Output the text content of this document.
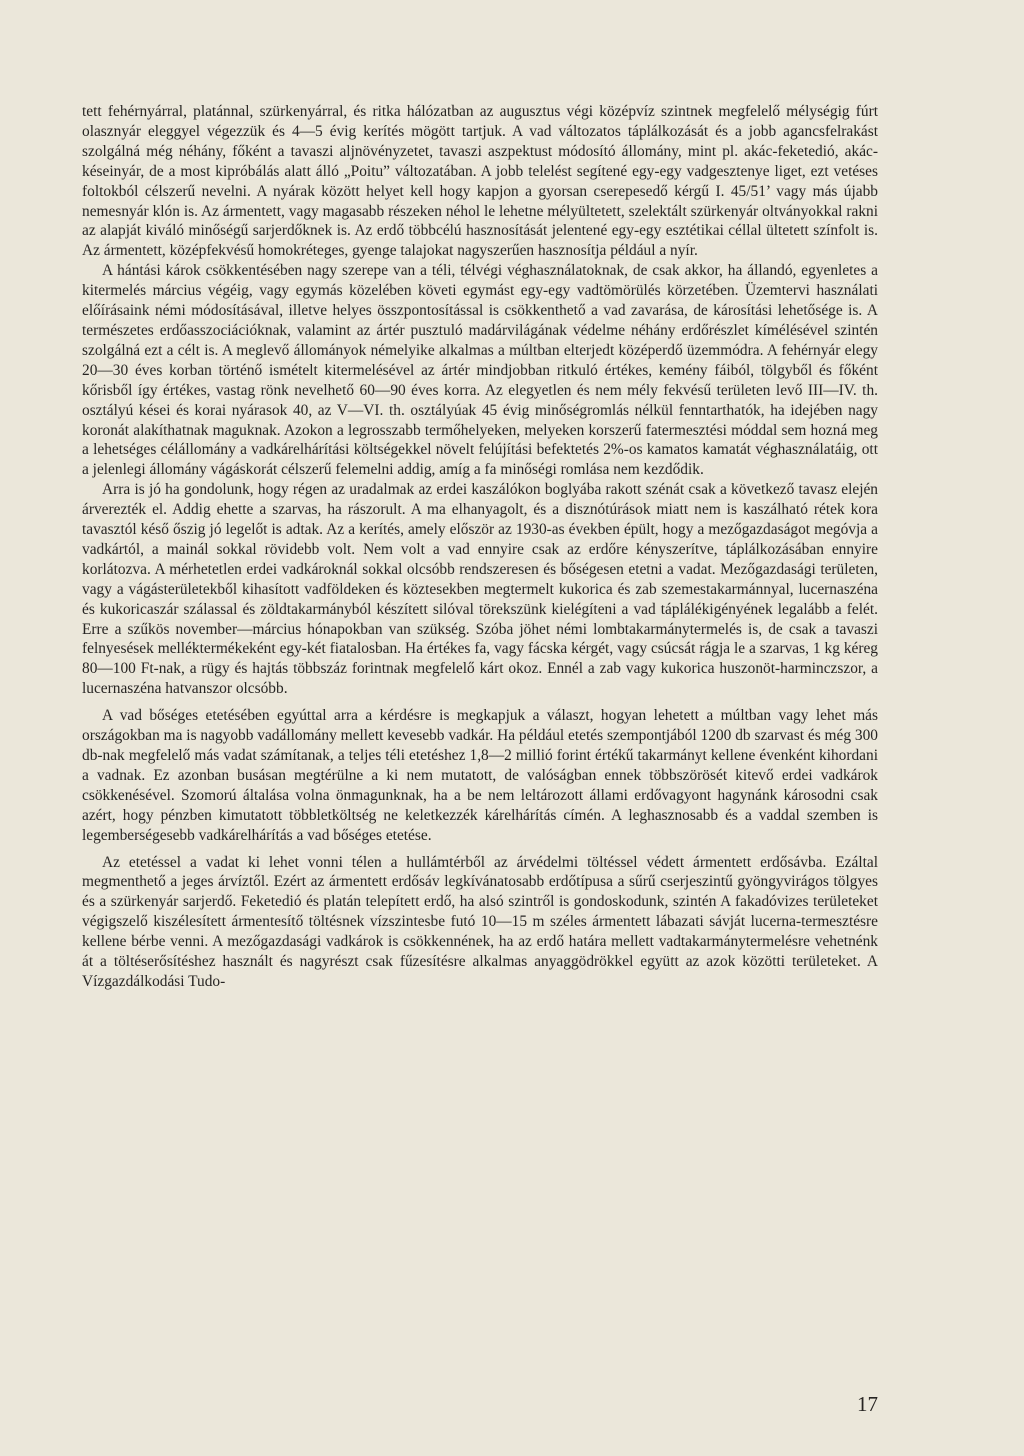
tett fehérnyárral, platánnal, szürkenyárral, és ritka hálózatban az augusztus végi középvíz szintnek megfelelő mélységig fúrt olasznyár eleggyel végezzük és 4—5 évig kerítés mögött tartjuk. A vad változatos táplálkozását és a jobb agancsfelrakást szolgálná még néhány, főként a tavaszi aljnövényzetet, tavaszi aszpektust módosító állomány, mint pl. akác-feketedió, akác-késeinyár, de a most kipróbálás alatt álló „Poitu” változatában. A jobb telelést segítené egy-egy vadgesztenye liget, ezt vetéses foltokból célszerű nevelni. A nyárak között helyet kell hogy kapjon a gyorsan cserepesedő kérgű I. 45/51’ vagy más újabb nemesnyár klón is. Az ármentett, vagy magasabb részeken néhol le lehetne mélyültetett, szelektált szürkenyár oltványokkal rakni az alapját kiváló minőségű sarjerdőknek is. Az erdő többcélú hasznosítását jelentené egy-egy esztétikai céllal ültetett színfolt is. Az ármentett, középfekvésű homokréteges, gyenge talajokat nagyszerűen hasznosítja például a nyír.

A hántási károk csökkentésében nagy szerepe van a téli, télvégi véghasználatoknak, de csak akkor, ha állandó, egyenletes a kitermelés március végéig, vagy egymás közelében követi egymást egy-egy vadtömörülés körzetében. Üzemtervi használati előírásaink némi módosításával, illetve helyes összpontosítással is csökkenthető a vad zavarása, de károsítási lehetősége is. A természetes erdőasszociációknak, valamint az ártér pusztuló madárvilágának védelme néhány erdőrészlet kímélésével szintén szolgálná ezt a célt is. A meglevő állományok némelyike alkalmas a múltban elterjedt középerdő üzemmódra. A fehérnyár elegy 20—30 éves korban történő ismételt kitermelésével az ártér mindjobban ritkuló értékes, kemény fáiból, tölgyből és főként kőrisből így értékes, vastag rönk nevelhető 60—90 éves korra. Az elegyetlen és nem mély fekvésű területen levő III—IV. th. osztályú kései és korai nyárasok 40, az V—VI. th. osztályúak 45 évig minőségromlás nélkül fenntarthatók, ha idejében nagy koronát alakíthatnak maguknak. Azokon a legrosszabb termőhelyeken, melyeken korszerű fatermesztési móddal sem hozná meg a lehetséges célállomány a vadkárelhárítási költségekkel növelt felújítási befektetés 2%-os kamatos kamatát véghasználatáig, ott a jelenlegi állomány vágáskorát célszerű felemelni addig, amíg a fa minőségi romlása nem kezdődik.

Arra is jó ha gondolunk, hogy régen az uradalmak az erdei kaszálókon boglyába rakott szénát csak a következő tavasz elején árverezték el. Addig ehette a szarvas, ha rászorult. A ma elhanyagolt, és a disznótúrások miatt nem is kaszálható rétek kora tavasztól késő őszig jó legelőt is adtak. Az a kerítés, amely először az 1930-as években épült, hogy a mezőgazdaságot megóvja a vadkártól, a mainál sokkal rövidebb volt. Nem volt a vad ennyire csak az erdőre kényszerítve, táplálkozásában ennyire korlátozva. A mérhetetlen erdei vadkároknál sokkal olcsóbb rendszeresen és bőségesen etetni a vadat. Mezőgazdasági területen, vagy a vágásterületekből kihasított vadföldeken és köztesekben megtermelt kukorica és zab szemestakarmánnyal, lucernaszéna és kukoricaszár szálassal és zöldtakarmányból készített silóval törekszünk kielégíteni a vad táplálékigényének legalább a felét. Erre a szűkös november—március hónapokban van szükség. Szóba jöhet némi lombtakarmánytermelés is, de csak a tavaszi felnyesések melléktermékeként egy-két fiatalosban. Ha értékes fa, vagy fácska kérgét, vagy csúcsát rágja le a szarvas, 1 kg kéreg 80—100 Ft-nak, a rügy és hajtás többszáz forintnak megfelelő kárt okoz. Ennél a zab vagy kukorica huszonöt-harminczszor, a lucernaszéna hatvanszor olcsóbb.

A vad bőséges etetésében egyúttal arra a kérdésre is megkapjuk a választ, hogyan lehetett a múltban vagy lehet más országokban ma is nagyobb vadállomány mellett kevesebb vadkár. Ha például etetés szempontjából 1200 db szarvast és még 300 db-nak megfelelő más vadat számítanak, a teljes téli etetéshez 1,8—2 millió forint értékű takarmányt kellene évenként kihordani a vadnak. Ez azonban busásan megtérülne a ki nem mutatott, de valóságban ennek többszörösét kitevő erdei vadkárok csökkenésével. Szomorú általása volna önmagunknak, ha a be nem leltározott állami erdővagyont hagynánk károsodni csak azért, hogy pénzben kimutatott többletköltség ne keletkezzék kárelhárítás címén. A leghasznosabb és a vaddal szemben is legemberségesebb vadkárelhárítás a vad bőséges etetése.

Az etetéssel a vadat ki lehet vonni télen a hullámtérből az árvédelmi töltéssel védett ármentett erdősávba. Ezáltal megmenthető a jeges árvíztől. Ezért az ármentett erdősáv legkívánatosabb erdőtípusa a sűrű cserjeszintű gyöngyvirágos tölgyes és a szürkenyár sarjerdő. Feketedió és platán telepített erdő, ha alsó szintről is gondoskodunk, szintén A fakadóvizes területeket végigszelő kiszélesített ármentesítő töltésnek vízszintesbe futó 10—15 m széles ármentett lábazati sávját lucerna-termesztésre kellene bérbe venni. A mezőgazdasági vadkárok is csökkennének, ha az erdő határa mellett vadtakarmánytermelésre vehetnénk át a töltéserősítéshez használt és nagyrészt csak fűzesítésre alkalmas anyaggödrökkel együtt az azok közötti területeket. A Vízgazdálkodási Tudo-

17
